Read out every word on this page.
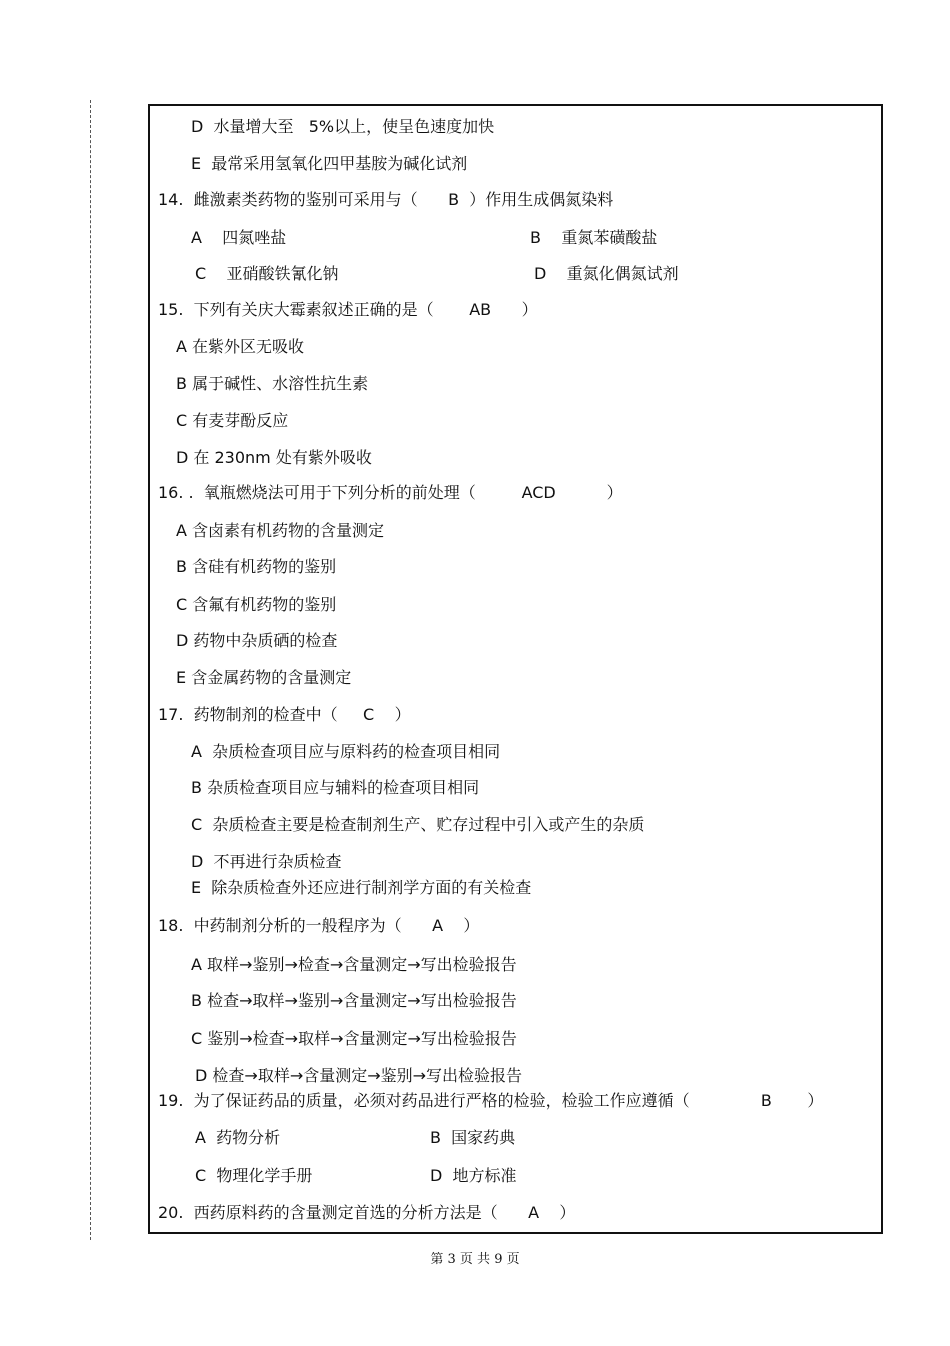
D  水量增大至   5%以上，使呈色速度加快
E  最常采用氢氧化四甲基胺为碱化试剂
14.  雌激素类药物的鉴别可采用与（      B  ）作用生成偶氮染料
A    四氮唑盐	B    重氮苯磺酸盐
C    亚硝酸铁氰化钠	D    重氮化偶氮试剂
15.  下列有关庆大霉素叙述正确的是（       AB      ）
A 在紫外区无吸收
B 属于碱性、水溶性抗生素
C 有麦芽酚反应
D 在 230nm 处有紫外吸收
16. .  氧瓶燃烧法可用于下列分析的前处理（         ACD          ）
A 含卤素有机药物的含量测定
B 含硅有机药物的鉴别
C 含氟有机药物的鉴别
D 药物中杂质硒的检查
E 含金属药物的含量测定
17.  药物制剂的检查中（     C    ）
A  杂质检查项目应与原料药的检查项目相同
B 杂质检查项目应与辅料的检查项目相同
C  杂质检查主要是检查制剂生产、贮存过程中引入或产生的杂质
D  不再进行杂质检查
E  除杂质检查外还应进行制剂学方面的有关检查
18.  中药制剂分析的一般程序为（      A    ）
A 取样→鉴别→检查→含量测定→写出检验报告
B 检查→取样→鉴别→含量测定→写出检验报告
C 鉴别→检查→取样→含量测定→写出检验报告
D 检查→取样→含量测定→鉴别→写出检验报告
19.  为了保证药品的质量，必须对药品进行严格的检验，检验工作应遵循（              B       ）
A  药物分析	B  国家药典
C  物理化学手册	D  地方标准
20.  西药原料药的含量测定首选的分析方法是（      A    ）
第 3 页 共 9 页
